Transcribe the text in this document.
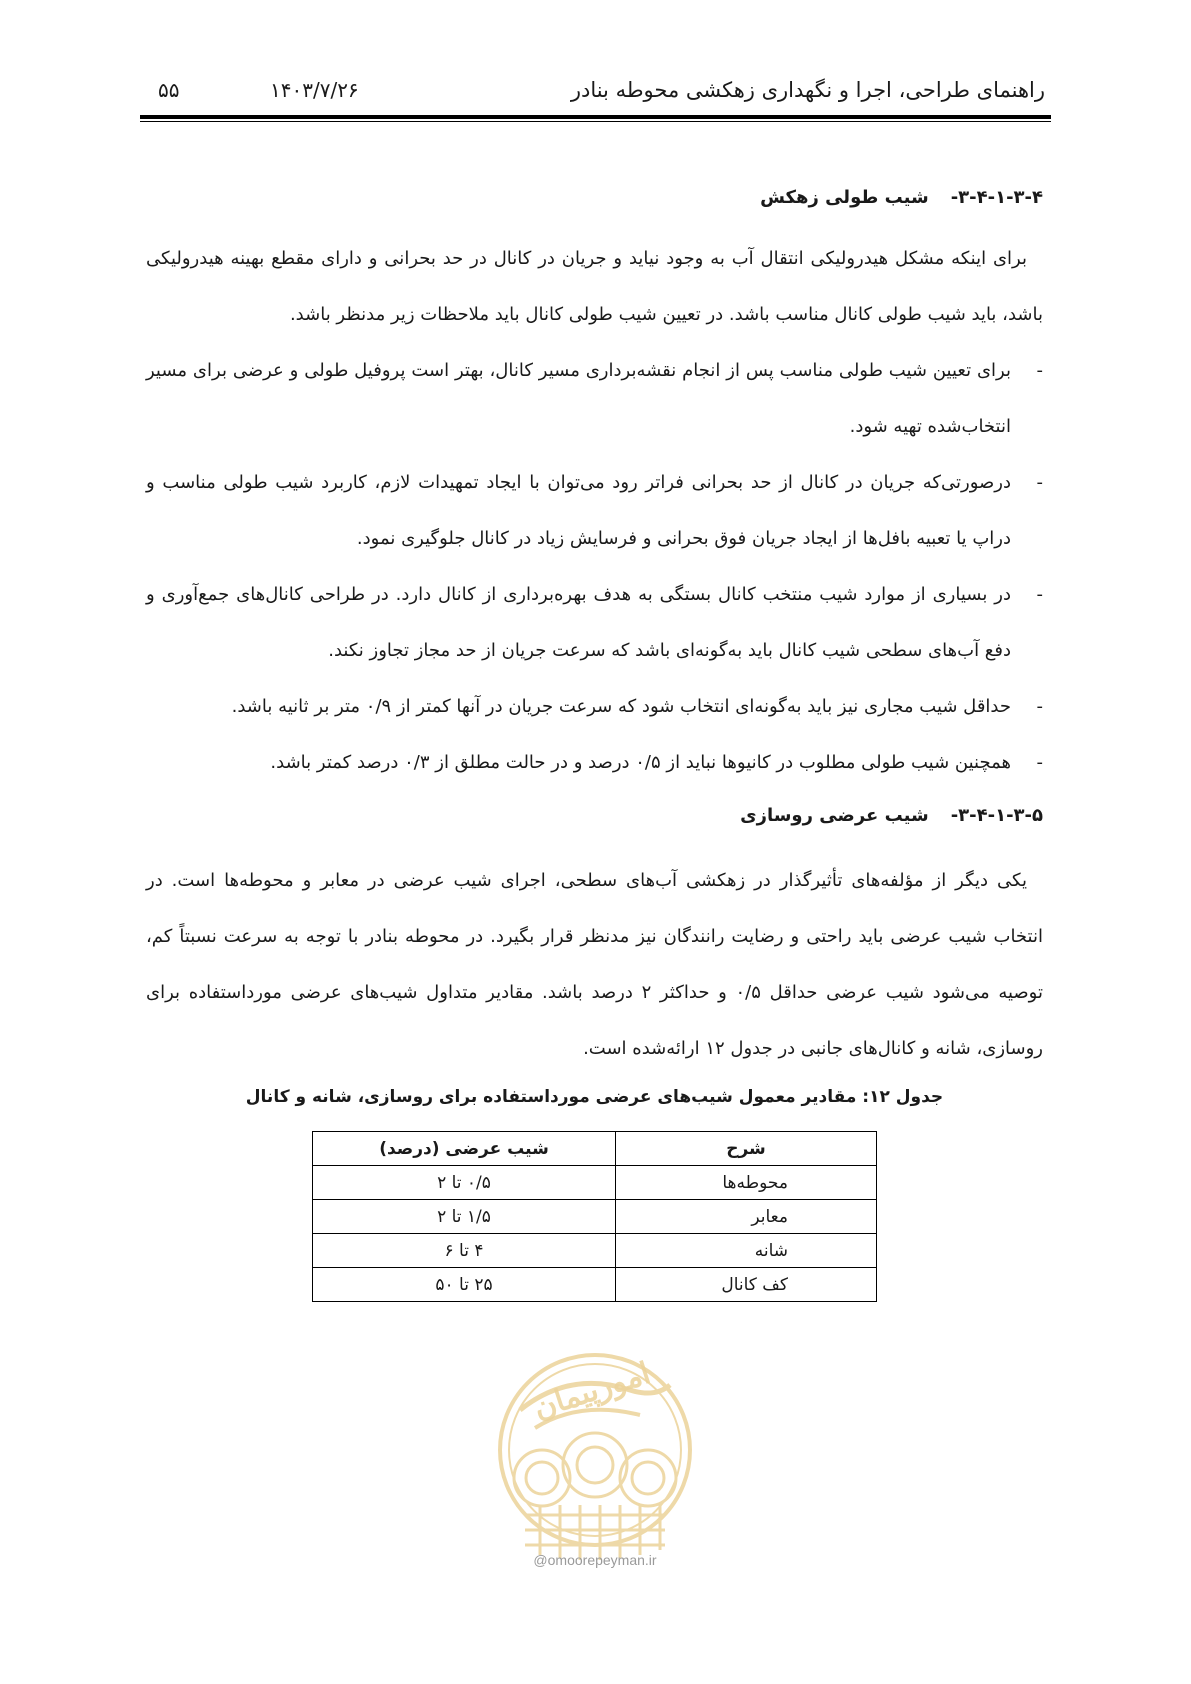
راهنمای طراحی، اجرا و نگهداری زهکشی محوطه بنادر
۱۴۰۳/۷/۲۶
۵۵
۳-۴-۱-۳-۴-شیب طولی زهکش

برای اینکه مشکل هیدرولیکی انتقال آب به وجود نیاید و جریان در کانال در حد بحرانی و دارای مقطع بهینه هیدرولیکی باشد، باید شیب طولی کانال مناسب باشد. در تعیین شیب طولی کانال باید ملاحظات زیر مدنظر باشد.

-
برای تعیین شیب طولی مناسب پس از انجام نقشه‌برداری مسیر کانال، بهتر است پروفیل طولی و عرضی برای مسیر انتخاب‌شده تهیه شود.
-
درصورتی‌که جریان در کانال از حد بحرانی فراتر رود می‌توان با ایجاد تمهیدات لازم، کاربرد شیب طولی مناسب و دراپ یا تعبیه بافل‌ها از ایجاد جریان فوق بحرانی و فرسایش زیاد در کانال جلوگیری نمود.
-
در بسیاری از موارد شیب منتخب کانال بستگی به هدف بهره‌برداری از کانال دارد. در طراحی کانال‌های جمع‌آوری و دفع آب‌های سطحی شیب کانال باید به‌گونه‌ای باشد که سرعت جریان از حد مجاز تجاوز نکند.
-
حداقل شیب مجاری نیز باید به‌گونه‌ای انتخاب شود که سرعت جریان در آنها کمتر از ۰/۹ متر بر ثانیه باشد.
-
همچنین شیب طولی مطلوب در کانیوها نباید از ۰/۵ درصد و در حالت مطلق از ۰/۳ درصد کمتر باشد.
۳-۴-۱-۳-۵-شیب عرضی روسازی

یکی دیگر از مؤلفه‌های تأثیرگذار در زهکشی آب‌های سطحی، اجرای شیب عرضی در معابر و محوطه‌ها است. در انتخاب شیب عرضی باید راحتی و رضایت رانندگان نیز مدنظر قرار بگیرد. در محوطه بنادر با توجه به سرعت نسبتاً کم، توصیه می‌شود شیب عرضی حداقل ۰/۵ و حداکثر ۲ درصد باشد. مقادیر متداول شیب‌های عرضی مورداستفاده برای روسازی، شانه و کانال‌های جانبی در جدول ۱۲ ارائه‌شده است.

جدول ۱۲: مقادیر معمول شیب‌های عرضی مورداستفاده برای روسازی، شانه و کانال
شرح	شیب عرضی (درصد)
محوطه‌ها	۰/۵ تا ۲
معابر	۱/۵ تا ۲
شانه	۴ تا ۶
کف کانال	۲۵ تا ۵۰
امورپیمان
@omoorepeyman.ir
